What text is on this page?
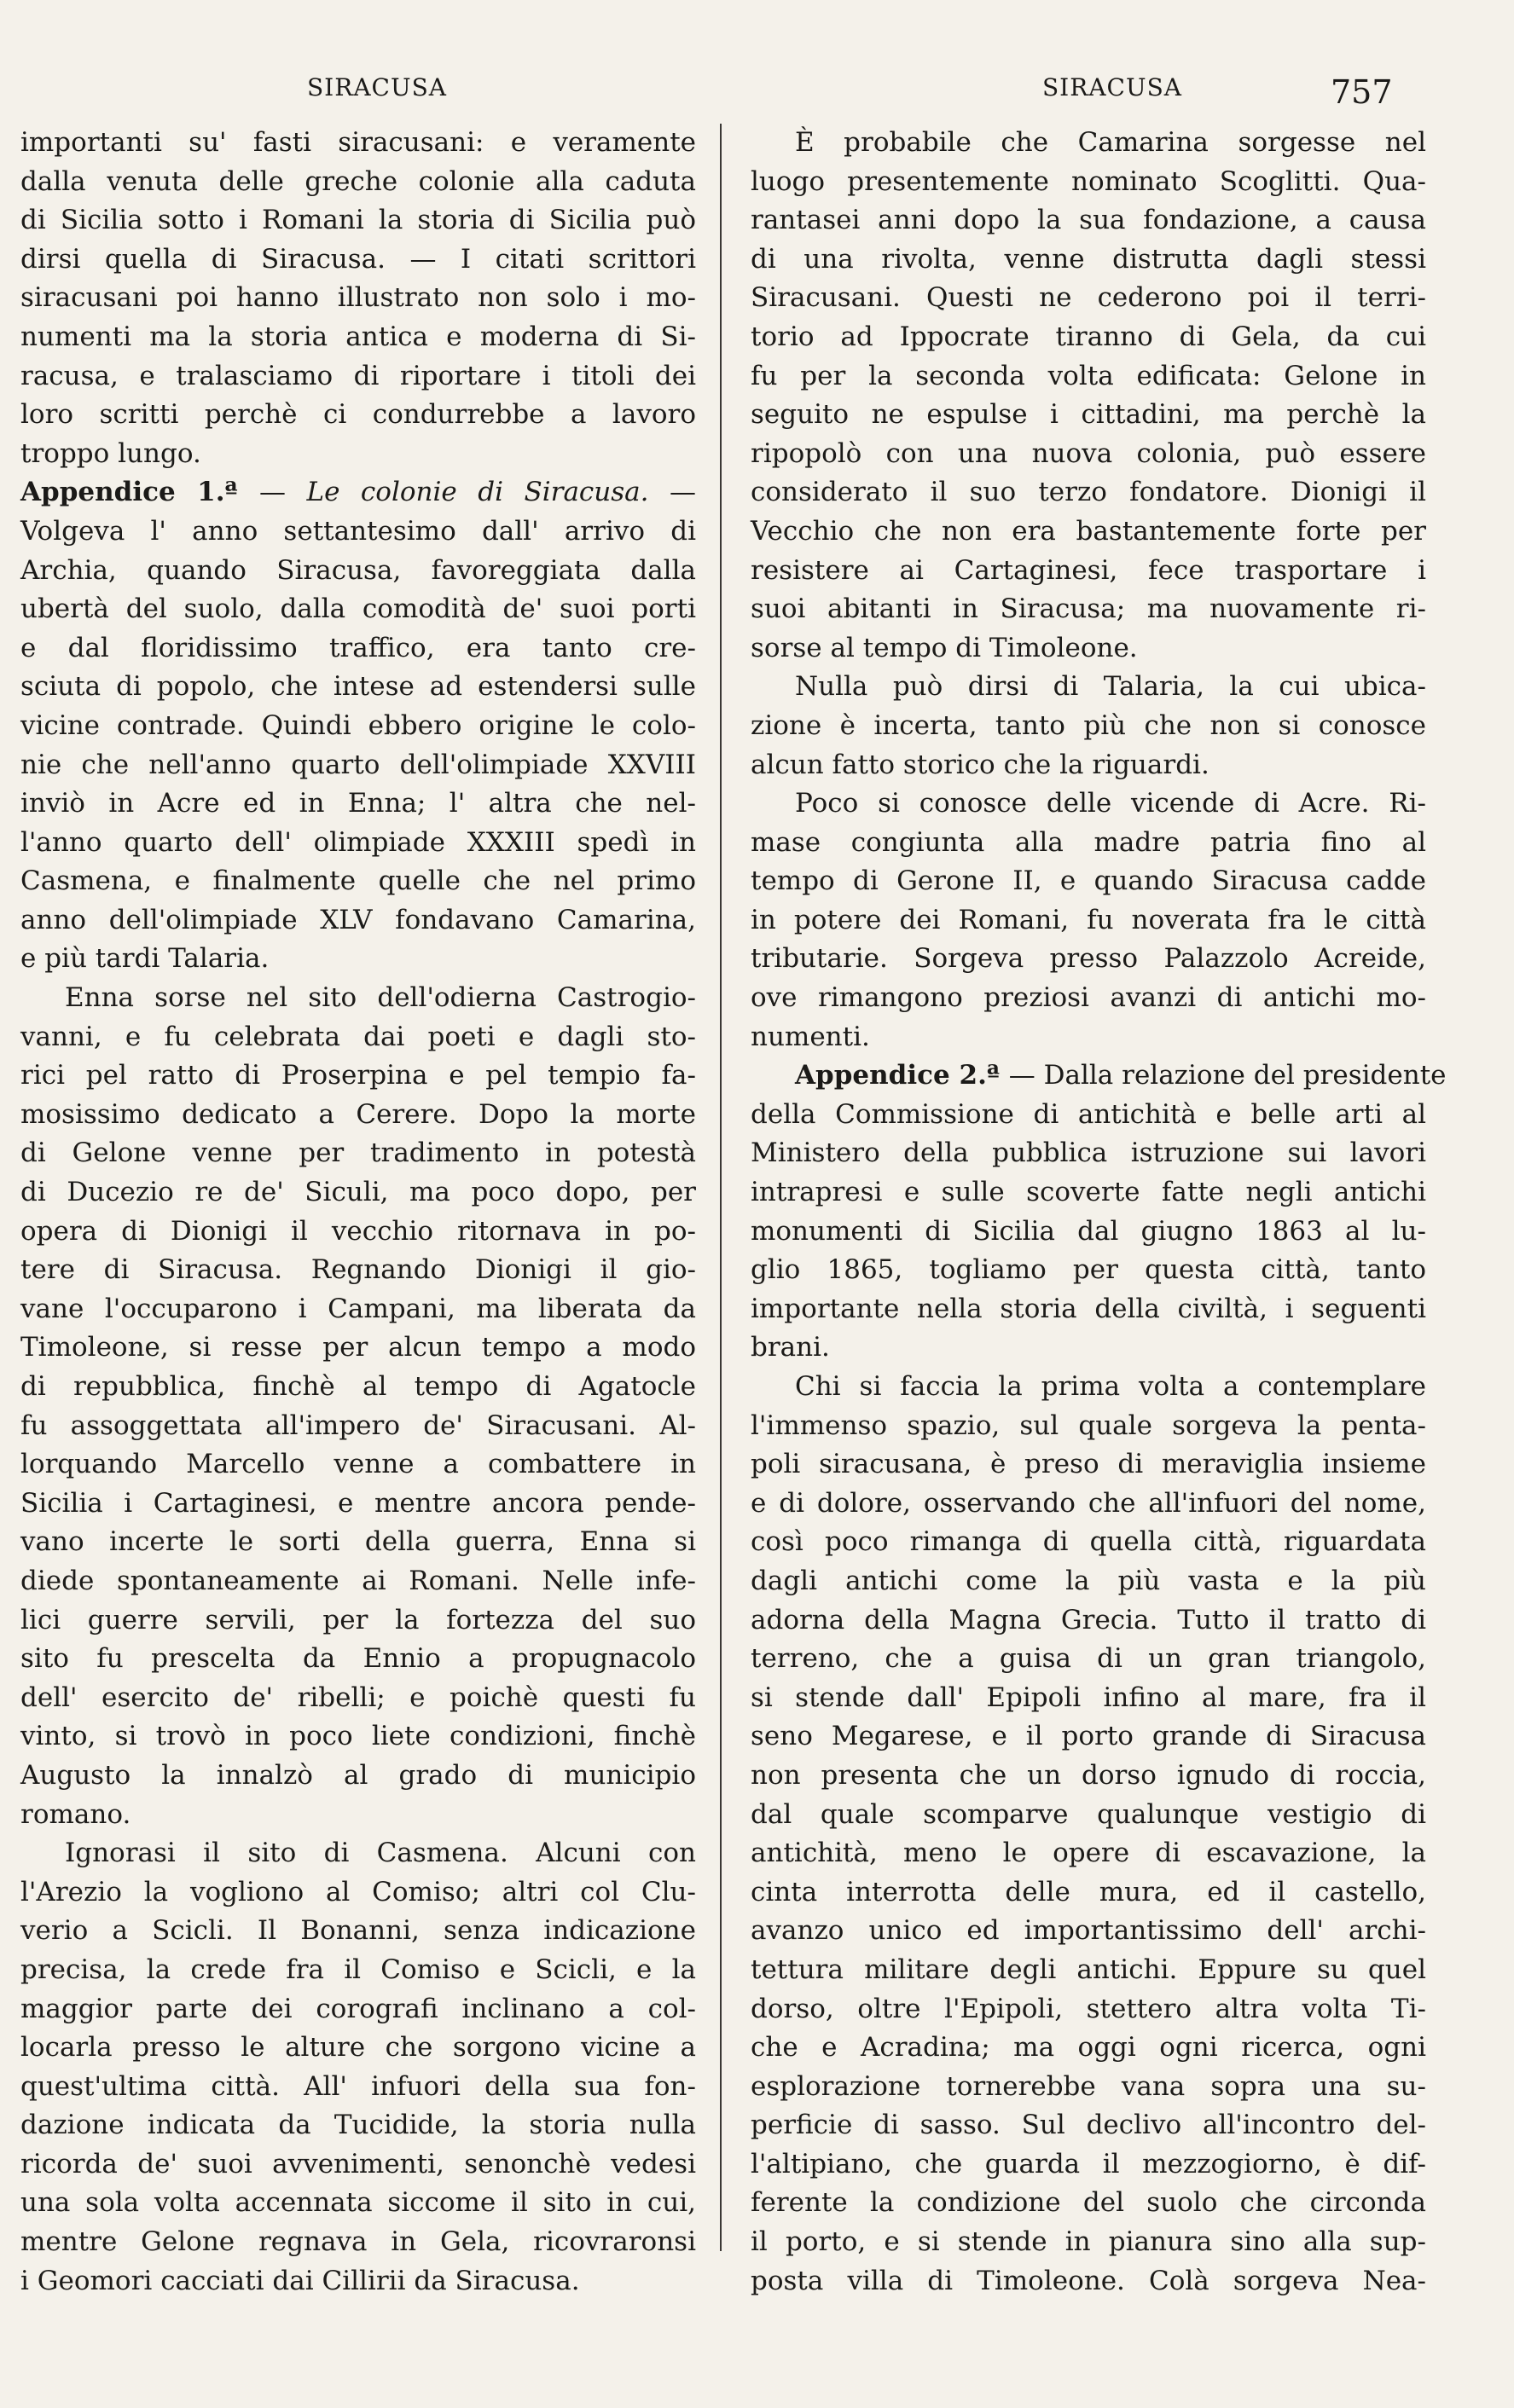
SIRACUSA	SIRACUSA	757
importanti su' fasti siracusani: e veramente
dalla venuta delle greche colonie alla caduta
di Sicilia sotto i Romani la storia di Sicilia può
dirsi quella di Siracusa. — I citati scrittori
siracusani poi hanno illustrato non solo i mo-
numenti ma la storia antica e moderna di Si-
racusa, e tralasciamo di riportare i titoli dei
loro scritti perchè ci condurrebbe a lavoro
troppo lungo.
Appendice 1.ª — Le colonie di Siracusa. —
Volgeva l' anno settantesimo dall' arrivo di
Archia, quando Siracusa, favoreggiata dalla
ubertà del suolo, dalla comodità de' suoi porti
e dal floridissimo traffico, era tanto cre-
sciuta di popolo, che intese ad estendersi sulle
vicine contrade. Quindi ebbero origine le colo-
nie che nell'anno quarto dell'olimpiade XXVIII
inviò in Acre ed in Enna; l' altra che nel-
l'anno quarto dell' olimpiade XXXIII spedì in
Casmena, e finalmente quelle che nel primo
anno dell'olimpiade XLV fondavano Camarina,
e più tardi Talaria.
Enna sorse nel sito dell'odierna Castrogio-
vanni, e fu celebrata dai poeti e dagli sto-
rici pel ratto di Proserpina e pel tempio fa-
mosissimo dedicato a Cerere. Dopo la morte
di Gelone venne per tradimento in potestà
di Ducezio re de' Siculi, ma poco dopo, per
opera di Dionigi il vecchio ritornava in po-
tere di Siracusa. Regnando Dionigi il gio-
vane l'occuparono i Campani, ma liberata da
Timoleone, si resse per alcun tempo a modo
di repubblica, finchè al tempo di Agatocle
fu assoggettata all'impero de' Siracusani. Al-
lorquando Marcello venne a combattere in
Sicilia i Cartaginesi, e mentre ancora pende-
vano incerte le sorti della guerra, Enna si
diede spontaneamente ai Romani. Nelle infe-
lici guerre servili, per la fortezza del suo
sito fu prescelta da Ennio a propugnacolo
dell' esercito de' ribelli; e poichè questi fu
vinto, si trovò in poco liete condizioni, finchè
Augusto la innalzò al grado di municipio
romano.
Ignorasi il sito di Casmena. Alcuni con
l'Arezio la vogliono al Comiso; altri col Clu-
verio a Scicli. Il Bonanni, senza indicazione
precisa, la crede fra il Comiso e Scicli, e la
maggior parte dei corografi inclinano a col-
locarla presso le alture che sorgono vicine a
quest'ultima città. All' infuori della sua fon-
dazione indicata da Tucidide, la storia nulla
ricorda de' suoi avvenimenti, senonchè vedesi
una sola volta accennata siccome il sito in cui,
mentre Gelone regnava in Gela, ricovraronsi
i Geomori cacciati dai Cillirii da Siracusa.
È probabile che Camarina sorgesse nel
luogo presentemente nominato Scoglitti. Qua-
rantasei anni dopo la sua fondazione, a causa
di una rivolta, venne distrutta dagli stessi
Siracusani. Questi ne cederono poi il terri-
torio ad Ippocrate tiranno di Gela, da cui
fu per la seconda volta edificata: Gelone in
seguito ne espulse i cittadini, ma perchè la
ripopolò con una nuova colonia, può essere
considerato il suo terzo fondatore. Dionigi il
Vecchio che non era bastantemente forte per
resistere ai Cartaginesi, fece trasportare i
suoi abitanti in Siracusa; ma nuovamente ri-
sorse al tempo di Timoleone.
Nulla può dirsi di Talaria, la cui ubica-
zione è incerta, tanto più che non si conosce
alcun fatto storico che la riguardi.
Poco si conosce delle vicende di Acre. Ri-
mase congiunta alla madre patria fino al
tempo di Gerone II, e quando Siracusa cadde
in potere dei Romani, fu noverata fra le città
tributarie. Sorgeva presso Palazzolo Acreide,
ove rimangono preziosi avanzi di antichi mo-
numenti.
Appendice 2.ª — Dalla relazione del presidente
della Commissione di antichità e belle arti al
Ministero della pubblica istruzione sui lavori
intrapresi e sulle scoverte fatte negli antichi
monumenti di Sicilia dal giugno 1863 al lu-
glio 1865, togliamo per questa città, tanto
importante nella storia della civiltà, i seguenti
brani.
Chi si faccia la prima volta a contemplare
l'immenso spazio, sul quale sorgeva la penta-
poli siracusana, è preso di meraviglia insieme
e di dolore, osservando che all'infuori del nome,
così poco rimanga di quella città, riguardata
dagli antichi come la più vasta e la più
adorna della Magna Grecia. Tutto il tratto di
terreno, che a guisa di un gran triangolo,
si stende dall' Epipoli infino al mare, fra il
seno Megarese, e il porto grande di Siracusa
non presenta che un dorso ignudo di roccia,
dal quale scomparve qualunque vestigio di
antichità, meno le opere di escavazione, la
cinta interrotta delle mura, ed il castello,
avanzo unico ed importantissimo dell' archi-
tettura militare degli antichi. Eppure su quel
dorso, oltre l'Epipoli, stettero altra volta Ti-
che e Acradina; ma oggi ogni ricerca, ogni
esplorazione tornerebbe vana sopra una su-
perficie di sasso. Sul declivo all'incontro del-
l'altipiano, che guarda il mezzogiorno, è dif-
ferente la condizione del suolo che circonda
il porto, e si stende in pianura sino alla sup-
posta villa di Timoleone. Colà sorgeva Nea-
